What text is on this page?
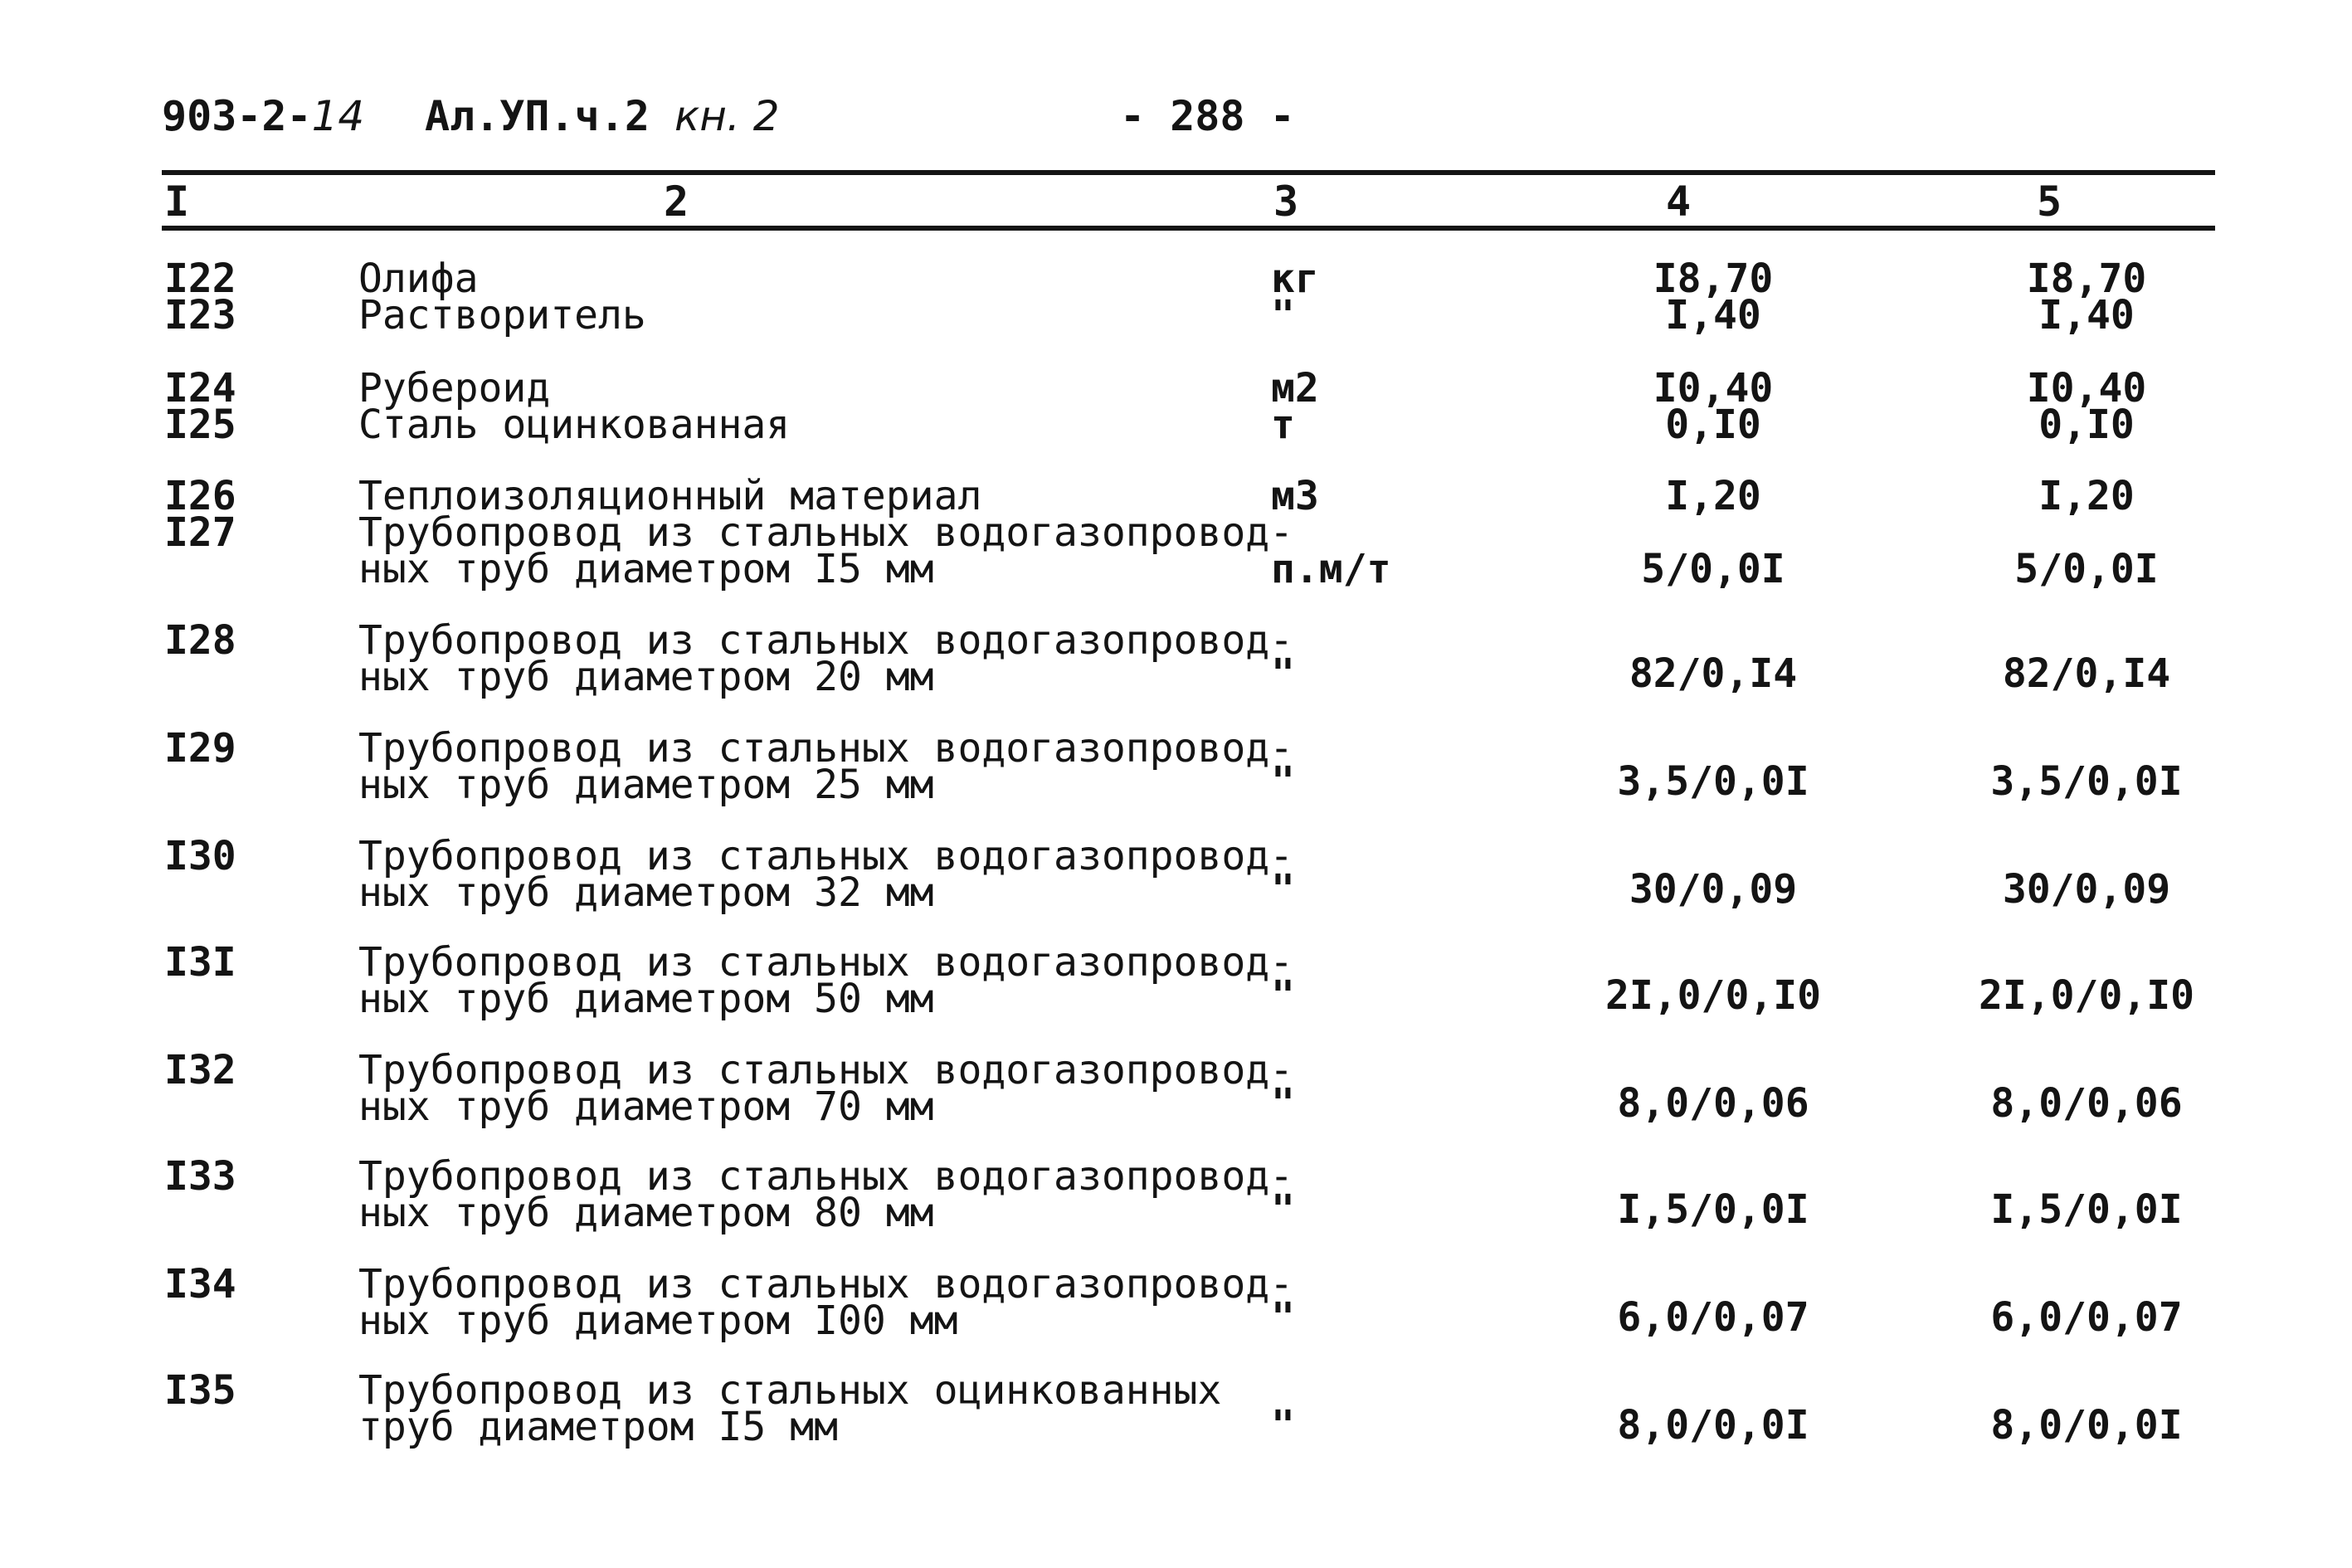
903-2-14 Ал.УП.ч.2 кн. 2	- 288 -
I	2	3	4	5
I22	Олифа	кг	I8,70	I8,70
I23	Растворитель	"	I,40	I,40
I24	Рубероид	м2	I0,40	I0,40
I25	Сталь оцинкованная	т	0,I0	0,I0
I26	Теплоизоляционный материал	м3	I,20	I,20
I27	Трубопровод из стальных водогазопровод-
ных труб диаметром I5 мм	п.м/т	5/0,0I	5/0,0I
I28	Трубопровод из стальных водогазопровод-
ных труб диаметром 20 мм	"	82/0,I4	82/0,I4
I29	Трубопровод из стальных водогазопровод-
ных труб диаметром 25 мм	"	3,5/0,0I	3,5/0,0I
I30	Трубопровод из стальных водогазопровод-
ных труб диаметром 32 мм	"	30/0,09	30/0,09
I3I	Трубопровод из стальных водогазопровод-
ных труб диаметром 50 мм	"	2I,0/0,I0	2I,0/0,I0
I32	Трубопровод из стальных водогазопровод-
ных труб диаметром 70 мм	"	8,0/0,06	8,0/0,06
I33	Трубопровод из стальных водогазопровод-
ных труб диаметром 80 мм	"	I,5/0,0I	I,5/0,0I
I34	Трубопровод из стальных водогазопровод-
ных труб диаметром I00 мм	"	6,0/0,07	6,0/0,07
I35	Трубопровод из стальных оцинкованных
труб диаметром I5 мм	"	8,0/0,0I	8,0/0,0I
